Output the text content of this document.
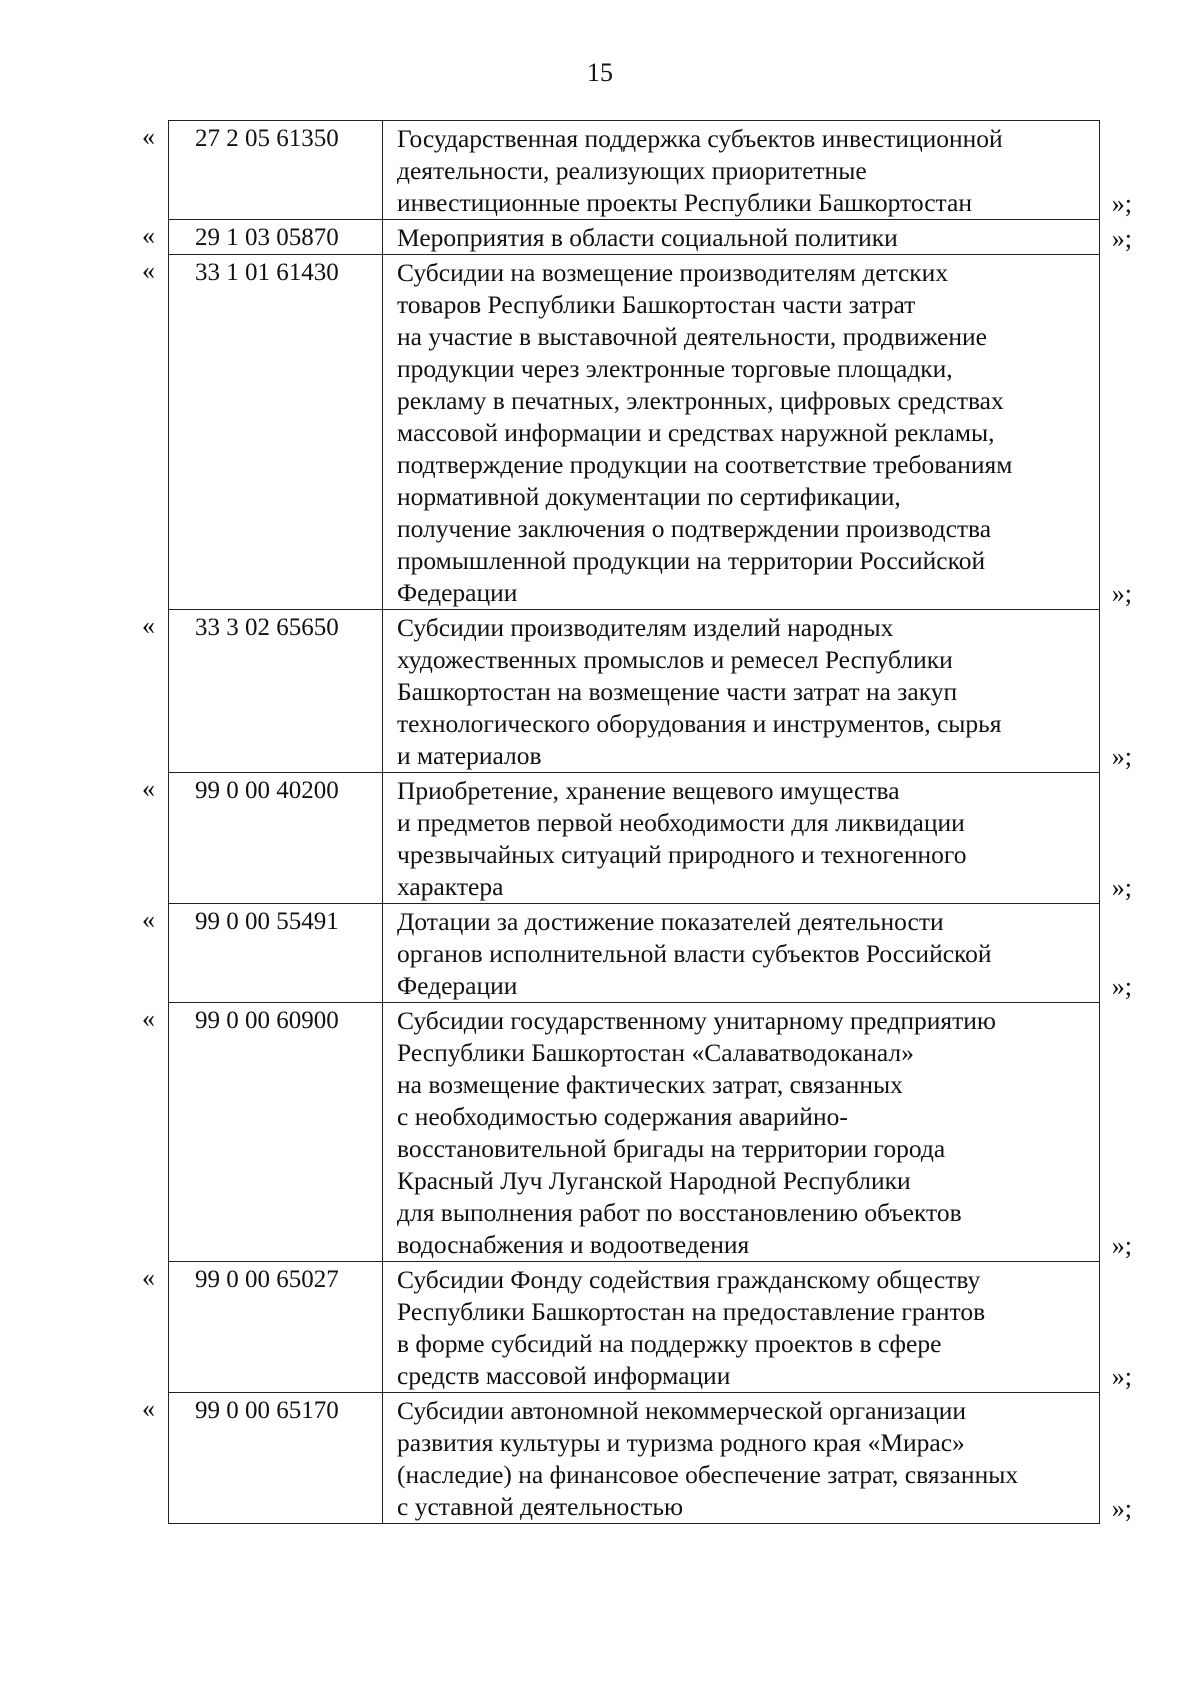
15
«	27 2 05 61350	Государственная поддержка субъектов инвестиционной
деятельности, реализующих приоритетные
инвестиционные проекты Республики Башкортостан	»;
«	29 1 03 05870	Мероприятия в области социальной политики	»;
«	33 1 01 61430	Субсидии на возмещение производителям детских
товаров Республики Башкортостан части затрат
на участие в выставочной деятельности, продвижение
продукции через электронные торговые площадки,
рекламу в печатных, электронных, цифровых средствах
массовой информации и средствах наружной рекламы,
подтверждение продукции на соответствие требованиям
нормативной документации по сертификации,
получение заключения о подтверждении производства
промышленной продукции на территории Российской
Федерации	»;
«	33 3 02 65650	Субсидии производителям изделий народных
художественных промыслов и ремесел Республики
Башкортостан на возмещение части затрат на закуп
технологического оборудования и инструментов, сырья
и материалов	»;
«	99 0 00 40200	Приобретение, хранение вещевого имущества
и предметов первой необходимости для ликвидации
чрезвычайных ситуаций природного и техногенного
характера	»;
«	99 0 00 55491	Дотации за достижение показателей деятельности
органов исполнительной власти субъектов Российской
Федерации	»;
«	99 0 00 60900	Субсидии государственному унитарному предприятию
Республики Башкортостан «Салаватводоканал»
на возмещение фактических затрат, связанных
с необходимостью содержания аварийно-
восстановительной бригады на территории города
Красный Луч Луганской Народной Республики
для выполнения работ по восстановлению объектов
водоснабжения и водоотведения	»;
«	99 0 00 65027	Субсидии Фонду содействия гражданскому обществу
Республики Башкортостан на предоставление грантов
в форме субсидий на поддержку проектов в сфере
средств массовой информации	»;
«	99 0 00 65170	Субсидии автономной некоммерческой организации
развития культуры и туризма родного края «Мирас»
(наследие) на финансовое обеспечение затрат, связанных
с уставной деятельностью	»;
